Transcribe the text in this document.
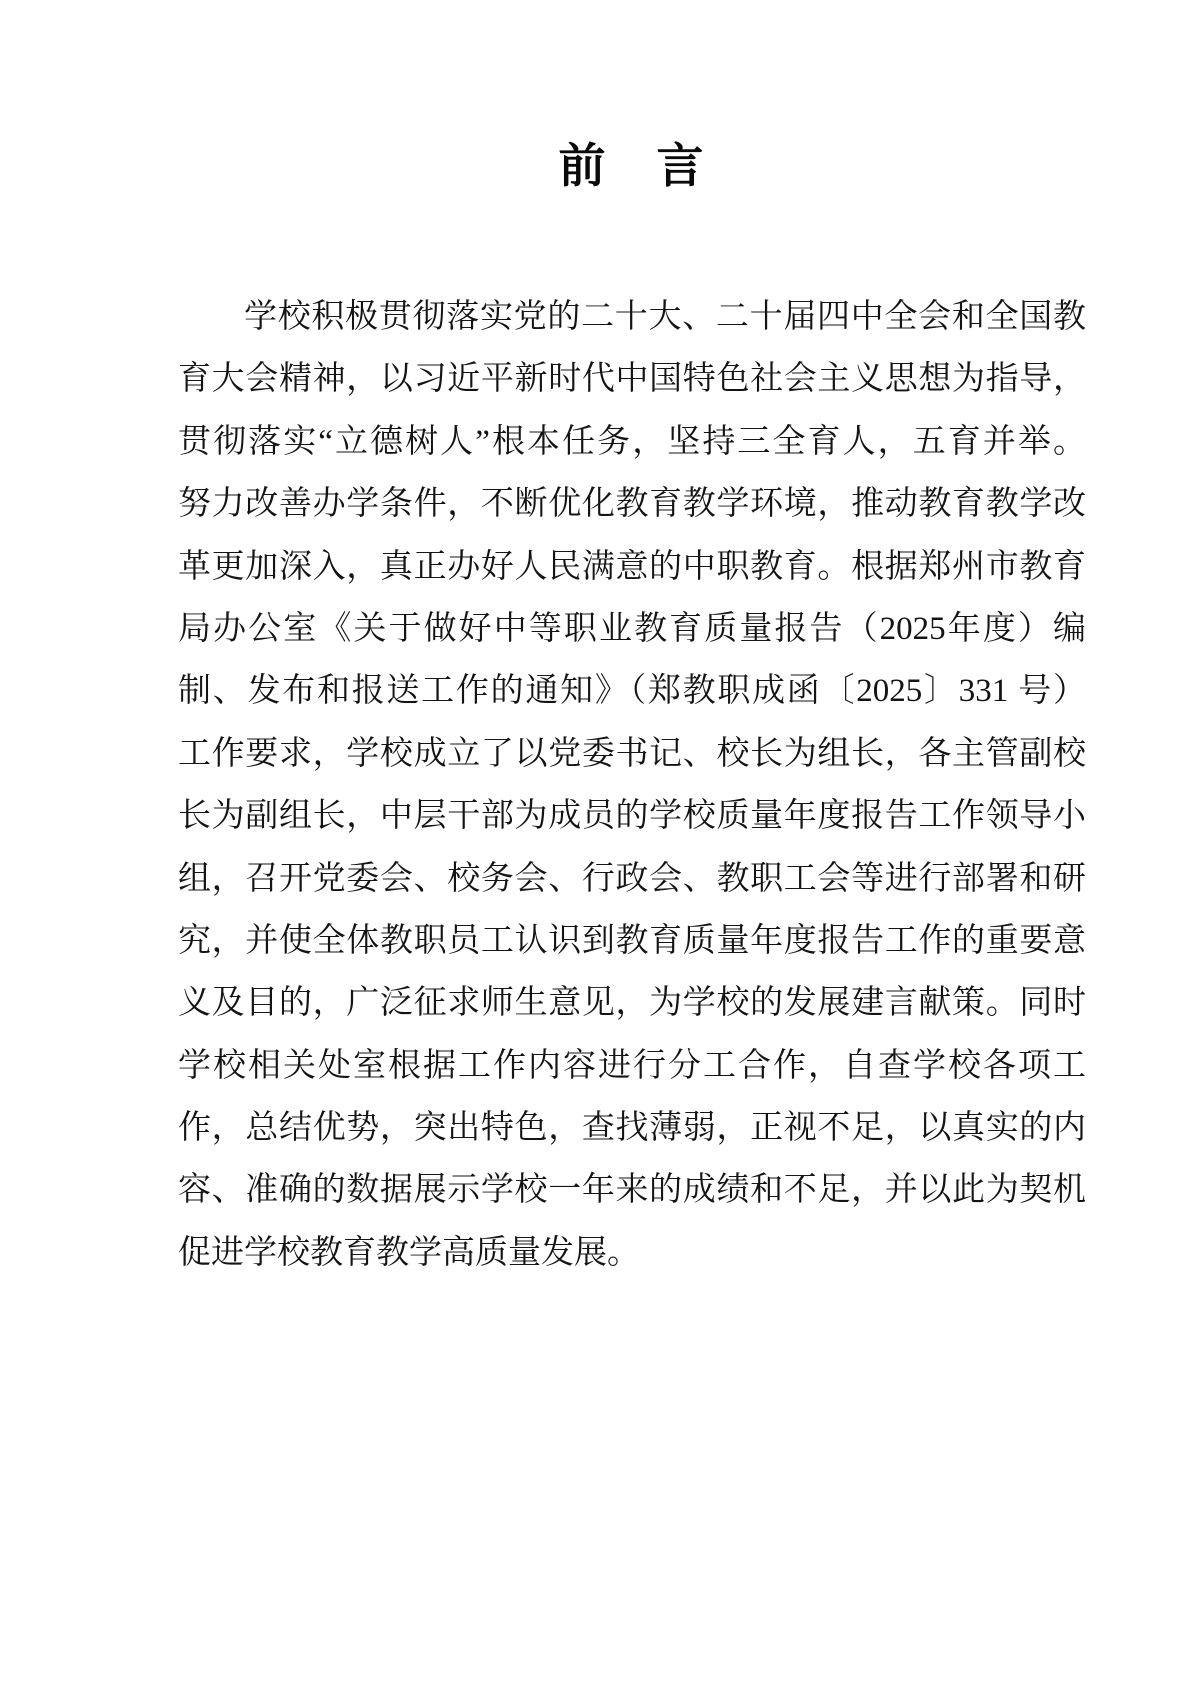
前　言
学校积极贯彻落实党的二十大、二十届四中全会和全国教
育大会精神，以习近平新时代中国特色社会主义思想为指导，
贯彻落实“立德树人”根本任务，坚持三全育人，五育并举。
努力改善办学条件，不断优化教育教学环境，推动教育教学改
革更加深入，真正办好人民满意的中职教育。根据郑州市教育
局办公室《关于做好中等职业教育质量报告（2025年度）编
制、发布和报送工作的通知》（郑教职成函〔2025〕331 号）
工作要求，学校成立了以党委书记、校长为组长，各主管副校
长为副组长，中层干部为成员的学校质量年度报告工作领导小
组，召开党委会、校务会、行政会、教职工会等进行部署和研
究，并使全体教职员工认识到教育质量年度报告工作的重要意
义及目的，广泛征求师生意见，为学校的发展建言献策。同时
学校相关处室根据工作内容进行分工合作，自查学校各项工
作，总结优势，突出特色，查找薄弱，正视不足，以真实的内
容、准确的数据展示学校一年来的成绩和不足，并以此为契机
促进学校教育教学高质量发展。
